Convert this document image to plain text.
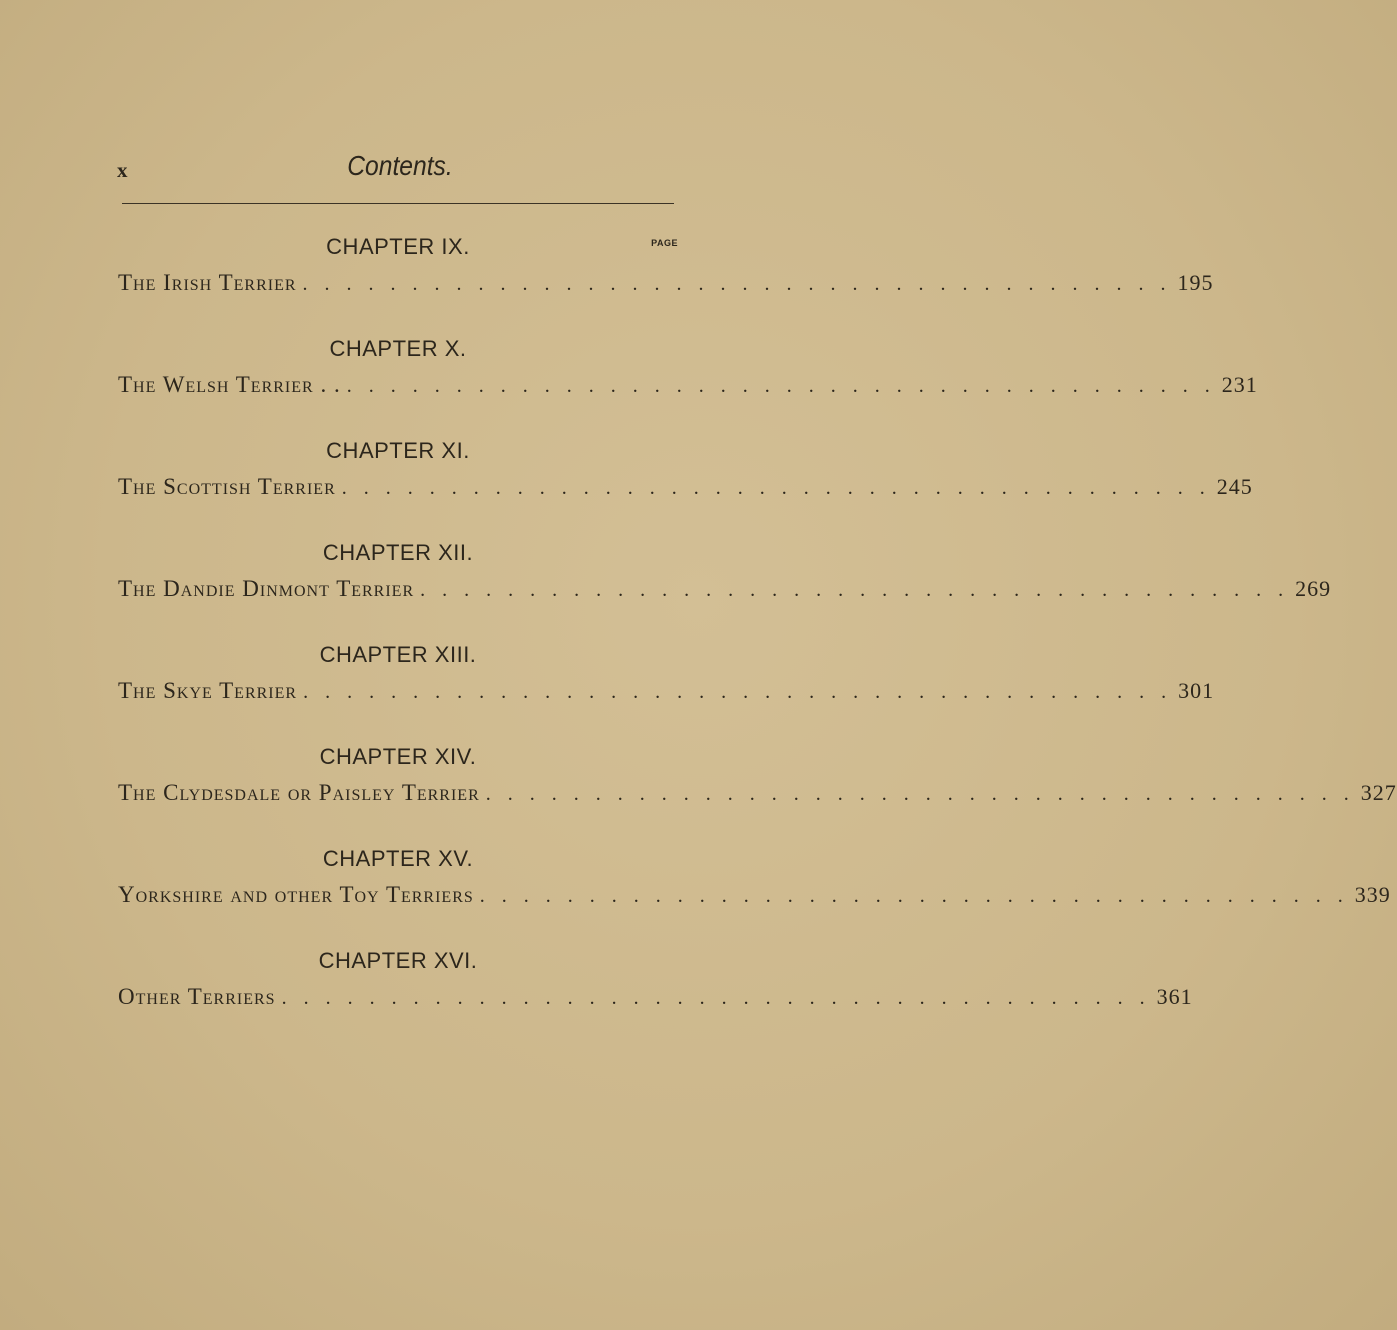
x	Contents.
CHAPTER IX.	PAGE
The Irish Terrier . . . . . . . . . . . . . . . . . . . . . . . . . . . . . . . . . . . . . . . . 195
CHAPTER X.
The Welsh Terrier . . . . . . . . . . . . . . . . . . . . . . . . . . . . . . . . . . . . . . . . . . 231
CHAPTER XI.
The Scottish Terrier . . . . . . . . . . . . . . . . . . . . . . . . . . . . . . . . . . . . . . . . 245
CHAPTER XII.
The Dandie Dinmont Terrier . . . . . . . . . . . . . . . . . . . . . . . . . . . . . . . . . . . . . . . . 269
CHAPTER XIII.
The Skye Terrier . . . . . . . . . . . . . . . . . . . . . . . . . . . . . . . . . . . . . . . . 301
CHAPTER XIV.
The Clydesdale or Paisley Terrier . . . . . . . . . . . . . . . . . . . . . . . . . . . . . . . . . . . . . . . . 327
CHAPTER XV.
Yorkshire and other Toy Terriers . . . . . . . . . . . . . . . . . . . . . . . . . . . . . . . . . . . . . . . . 339
CHAPTER XVI.
Other Terriers . . . . . . . . . . . . . . . . . . . . . . . . . . . . . . . . . . . . . . . . 361
